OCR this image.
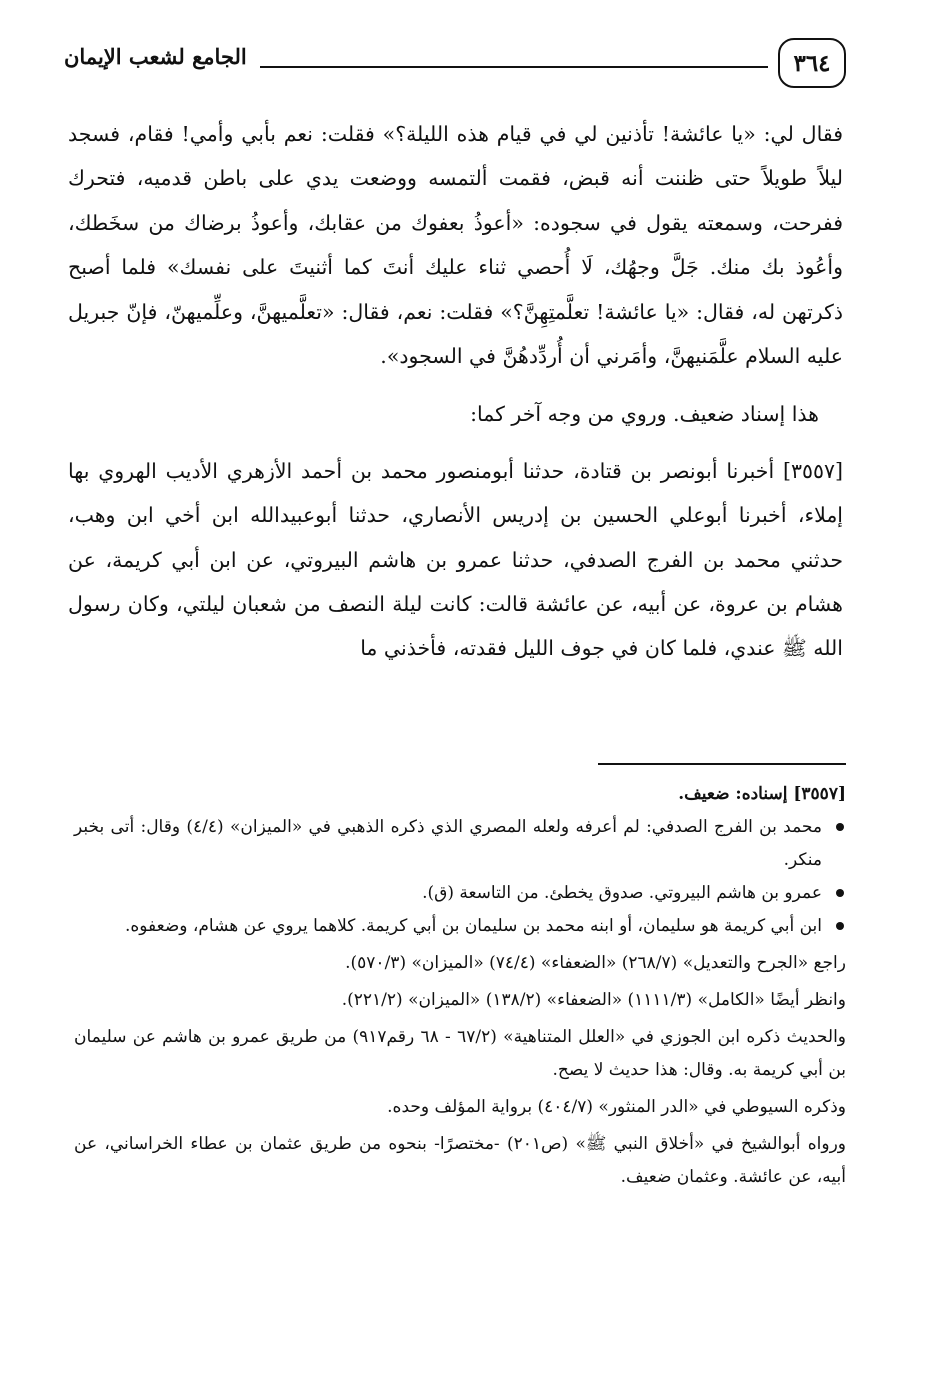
الجامع لشعب الإيمان	٣٦٤

فقال لي: «يا عائشة! تأذنين لي في قيام هذه الليلة؟» فقلت: نعم بأبي وأمي! فقام، فسجد ليلاً طويلاً حتى ظننت أنه قبض، فقمت ألتمسه ووضعت يدي على باطن قدميه، فتحرك ففرحت، وسمعته يقول في سجوده: «أعوذُ بعفوك من عقابك، وأعوذُ برضاك من سخَطك، وأعُوذ بك منك. جَلَّ وجهُك، لَا أُحصي ثناء عليك أنتَ كما أثنيتَ على نفسك» فلما أصبح ذكرتهن له، فقال: «يا عائشة! تعلَّمتِهِنَّ؟» فقلت: نعم، فقال: «تعلَّميهنَّ، وعلِّميهنّ، فإنّ جبريل عليه السلام علَّمَنيهنَّ، وأمَرني أن أُردِّدهُنَّ في السجود».

هذا إسناد ضعيف. وروي من وجه آخر كما:

[٣٥٥٧] أخبرنا أبونصر بن قتادة، حدثنا أبومنصور محمد بن أحمد الأزهري الأديب الهروي بها إملاء، أخبرنا أبوعلي الحسين بن إدريس الأنصاري، حدثنا أبوعبيدالله ابن أخي ابن وهب، حدثني محمد بن الفرج الصدفي، حدثنا عمرو بن هاشم البيروتي، عن ابن أبي كريمة، عن هشام بن عروة، عن أبيه، عن عائشة قالت: كانت ليلة النصف من شعبان ليلتي، وكان رسول الله ﷺ عندي، فلما كان في جوف الليل فقدته، فأخذني ما

[٣٥٥٧] إسناده: ضعيف.

محمد بن الفرج الصدفي: لم أعرفه ولعله المصري الذي ذكره الذهبي في «الميزان» (٤/٤) وقال: أتى بخبر منكر.

عمرو بن هاشم البيروتي. صدوق يخطئ. من التاسعة (ق).

ابن أبي كريمة هو سليمان، أو ابنه محمد بن سليمان بن أبي كريمة. كلاهما يروي عن هشام، وضعفوه.

راجع «الجرح والتعديل» (٢٦٨/٧) «الضعفاء» (٧٤/٤) «الميزان» (٥٧٠/٣).

وانظر أيضًا «الكامل» (١١١١/٣) «الضعفاء» (١٣٨/٢) «الميزان» (٢٢١/٢).

والحديث ذكره ابن الجوزي في «العلل المتناهية» (٦٧/٢ - ٦٨ رقم٩١٧) من طريق عمرو بن هاشم عن سليمان بن أبي كريمة به. وقال: هذا حديث لا يصح.

وذكره السيوطي في «الدر المنثور» (٤٠٤/٧) برواية المؤلف وحده.

ورواه أبوالشيخ في «أخلاق النبي ﷺ» (ص٢٠١) -مختصرًا- بنحوه من طريق عثمان بن عطاء الخراساني، عن أبيه، عن عائشة. وعثمان ضعيف.
